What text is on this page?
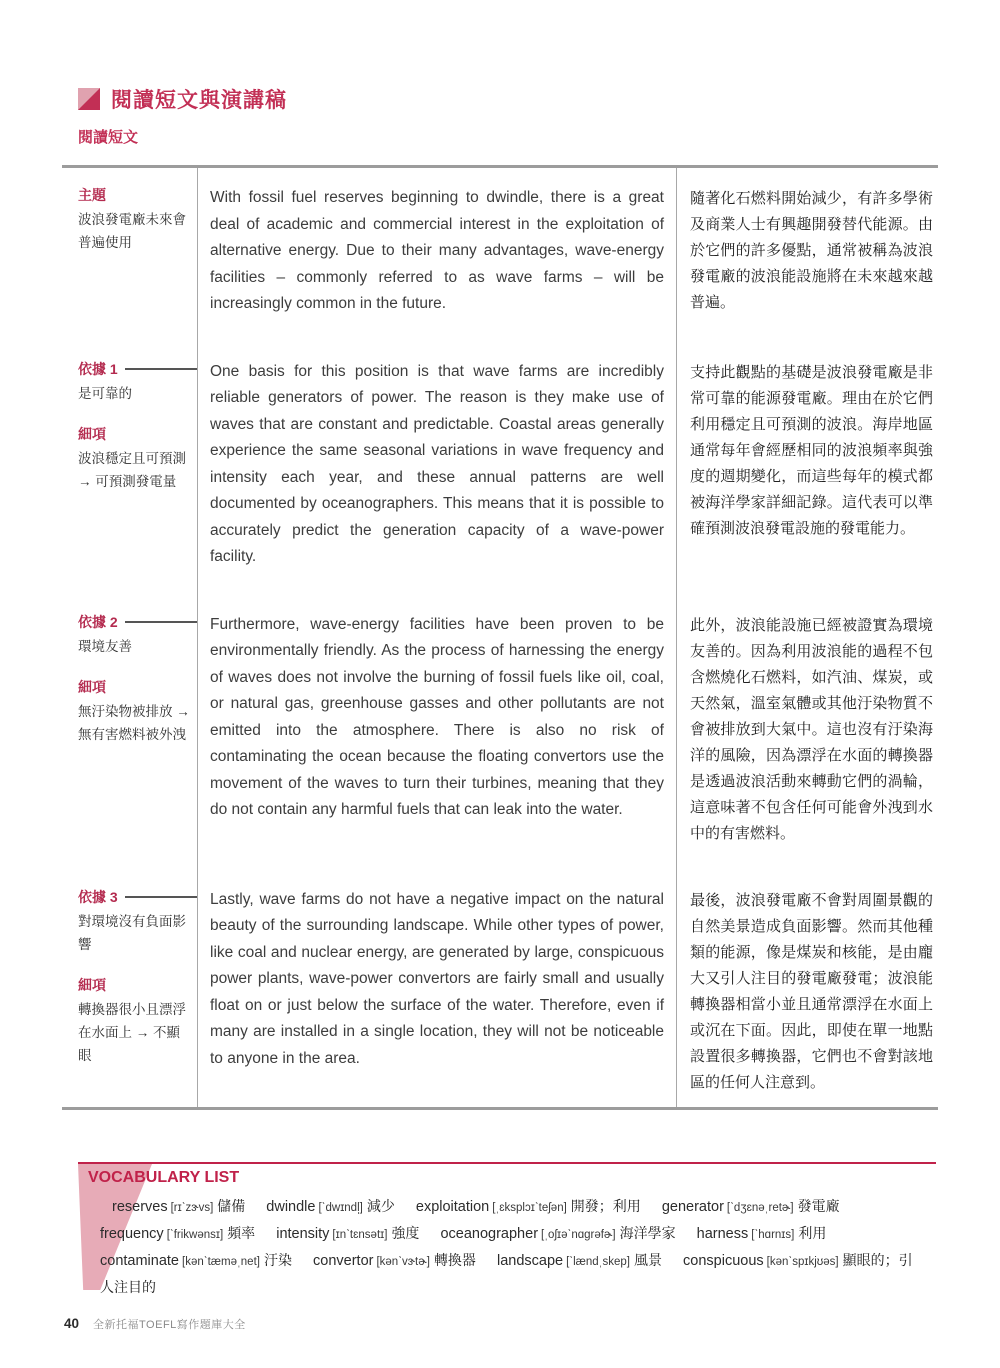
閱讀短文與演講稿
閱讀短文
主題
波浪發電廠未來會普遍使用

With fossil fuel reserves beginning to dwindle, there is a great deal of academic and commercial interest in the exploitation of alternative energy. Due to their many advantages, wave-energy facilities – commonly referred to as wave farms – will be increasingly common in the future.

隨著化石燃料開始減少，有許多學術及商業人士有興趣開發替代能源。由於它們的許多優點，通常被稱為波浪發電廠的波浪能設施將在未來越來越普遍。

依據 1
是可靠的
細項
波浪穩定且可預測 → 可預測發電量

One basis for this position is that wave farms are incredibly reliable generators of power. The reason is they make use of waves that are constant and predictable. Coastal areas generally experience the same seasonal variations in wave frequency and intensity each year, and these annual patterns are well documented by oceanographers. This means that it is possible to accurately predict the generation capacity of a wave-power facility.

支持此觀點的基礎是波浪發電廠是非常可靠的能源發電廠。理由在於它們利用穩定且可預測的波浪。海岸地區通常每年會經歷相同的波浪頻率與強度的週期變化，而這些每年的模式都被海洋學家詳細記錄。這代表可以準確預測波浪發電設施的發電能力。

依據 2
環境友善
細項
無汙染物被排放 → 無有害燃料被外洩

Furthermore, wave-energy facilities have been proven to be environmentally friendly. As the process of harnessing the energy of waves does not involve the burning of fossil fuels like oil, coal, or natural gas, greenhouse gasses and other pollutants are not emitted into the atmosphere. There is also no risk of contaminating the ocean because the floating convertors use the movement of the waves to turn their turbines, meaning that they do not contain any harmful fuels that can leak into the water.

此外，波浪能設施已經被證實為環境友善的。因為利用波浪能的過程不包含燃燒化石燃料，如汽油、煤炭，或天然氣，溫室氣體或其他汙染物質不會被排放到大氣中。這也沒有汙染海洋的風險，因為漂浮在水面的轉換器是透過波浪活動來轉動它們的渦輪，這意味著不包含任何可能會外洩到水中的有害燃料。

依據 3
對環境沒有負面影響
細項
轉換器很小且漂浮在水面上 → 不顯眼

Lastly, wave farms do not have a negative impact on the natural beauty of the surrounding landscape. While other types of power, like coal and nuclear energy, are generated by large, conspicuous power plants, wave-power convertors are fairly small and usually float on or just below the surface of the water. Therefore, even if many are installed in a single location, they will not be noticeable to anyone in the area.

最後，波浪發電廠不會對周圍景觀的自然美景造成負面影響。然而其他種類的能源，像是煤炭和核能，是由龐大又引人注目的發電廠發電；波浪能轉換器相當小並且通常漂浮在水面上或沉在下面。因此，即使在單一地點設置很多轉換器，它們也不會對該地區的任何人注意到。

VOCABULARY LIST
reserves [rɪˋzɝvs] 儲備 dwindle [ˋdwɪndl̩] 減少 exploitation [ˌɛksplɔɪˋteʃən] 開發；利用 generator [ˋdʒɛnəˌretɚ] 發電廠 frequency [ˋfrikwənsɪ] 頻率 intensity [ɪnˋtɛnsətɪ] 強度 oceanographer [ˌoʃɪəˋnɑgrəfɚ] 海洋學家 harness [ˋhɑrnɪs] 利用 contaminate [kənˋtæməˌnet] 汙染 convertor [kənˋvɝtɚ] 轉換器 landscape [ˋlændˌskep] 風景 conspicuous [kənˋspɪkjʊəs] 顯眼的；引人注目的
40 全新托福TOEFL寫作題庫大全
